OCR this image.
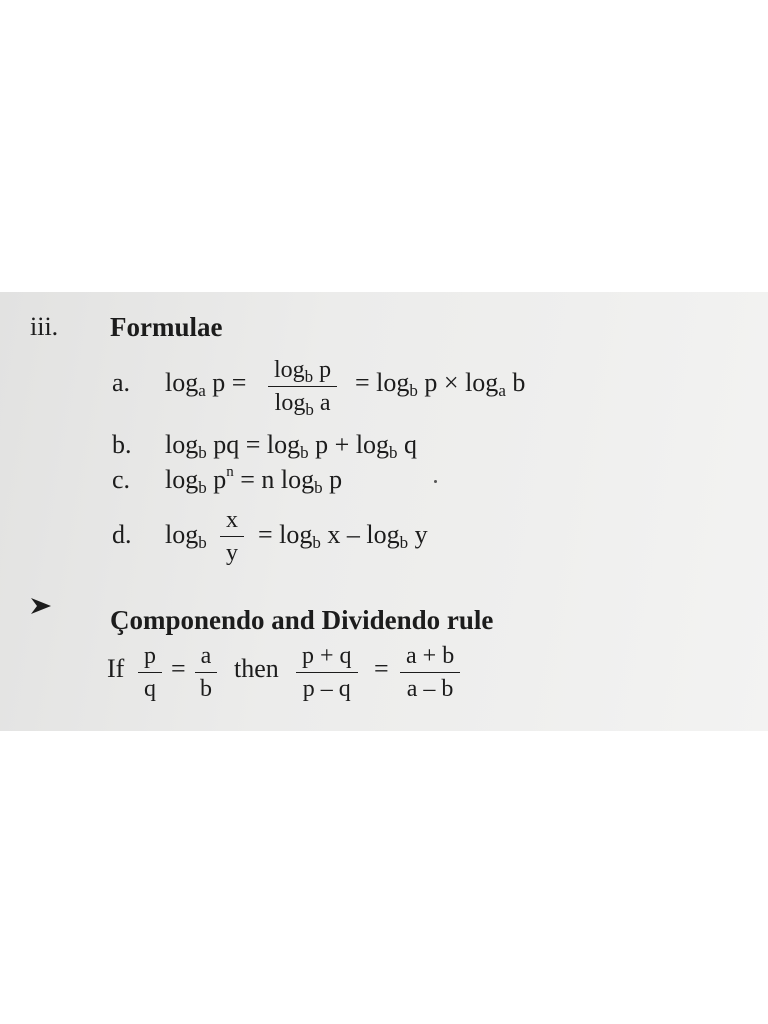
iii. Formulae
a. loga $p = \frac{\log_b p}{\log_b a} = \log b$ p × loga b
b. logb pq = logb p + logb q
c. logb $p^n = n$ logb p
d. logb $\frac{x}{y} = \log b$ x – logb y
Çomponendo and Dividendo rule
If $\frac{p}{q} = \frac{a}{b}$ then $\frac{p + q}{p - q} = \frac{a + b}{a - b}$
